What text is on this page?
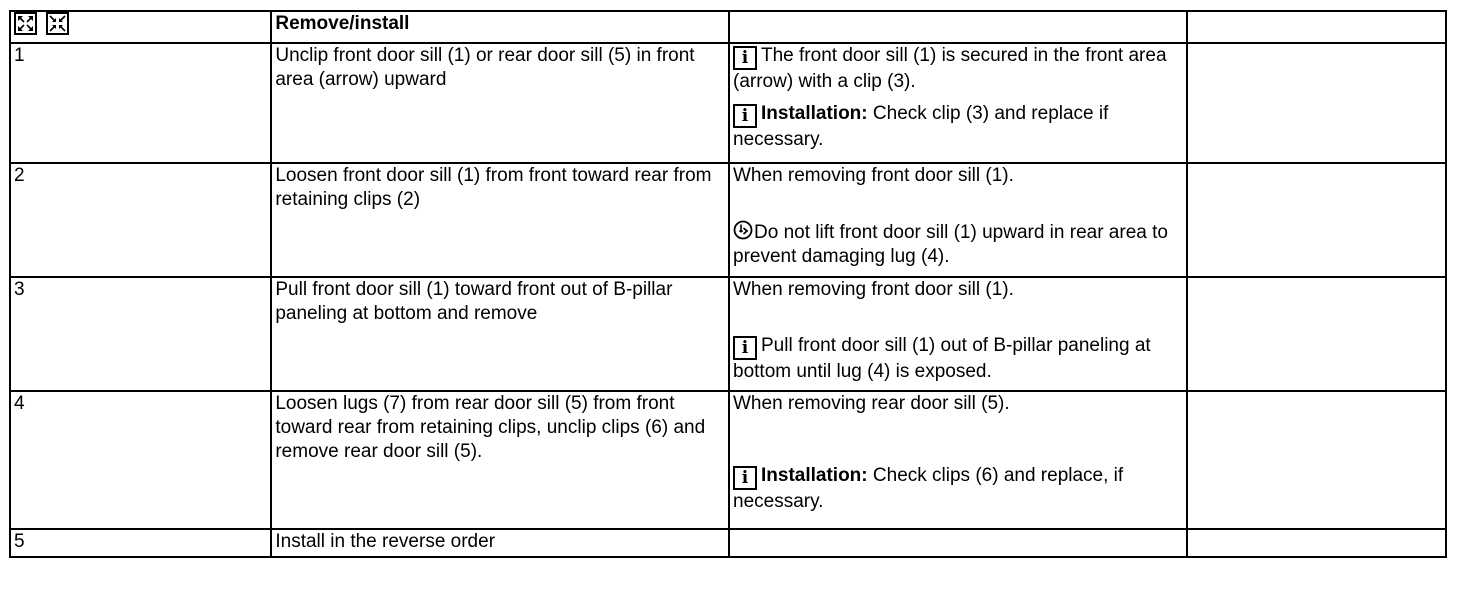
	Remove/install		
1	Unclip front door sill (1) or rear door sill (5) in front area (arrow) upward	i The front door sill (1) is secured in the front area (arrow) with a clip (3).
i Installation: Check clip (3) and replace if necessary.	

2	Loosen front door sill (1) from front toward rear from retaining clips (2)	When removing front door sill (1).
Do not lift front door sill (1) upward in rear area to prevent damaging lug (4).	

3	Pull front door sill (1) toward front out of B-pillar paneling at bottom and remove	When removing front door sill (1).
i Pull front door sill (1) out of B-pillar paneling at bottom until lug (4) is exposed.	

4	Loosen lugs (7) from rear door sill (5) from front toward rear from retaining clips, unclip clips (6) and remove rear door sill (5).	When removing rear door sill (5).
i Installation: Check clips (6) and replace, if necessary.	

5	Install in the reverse order		
